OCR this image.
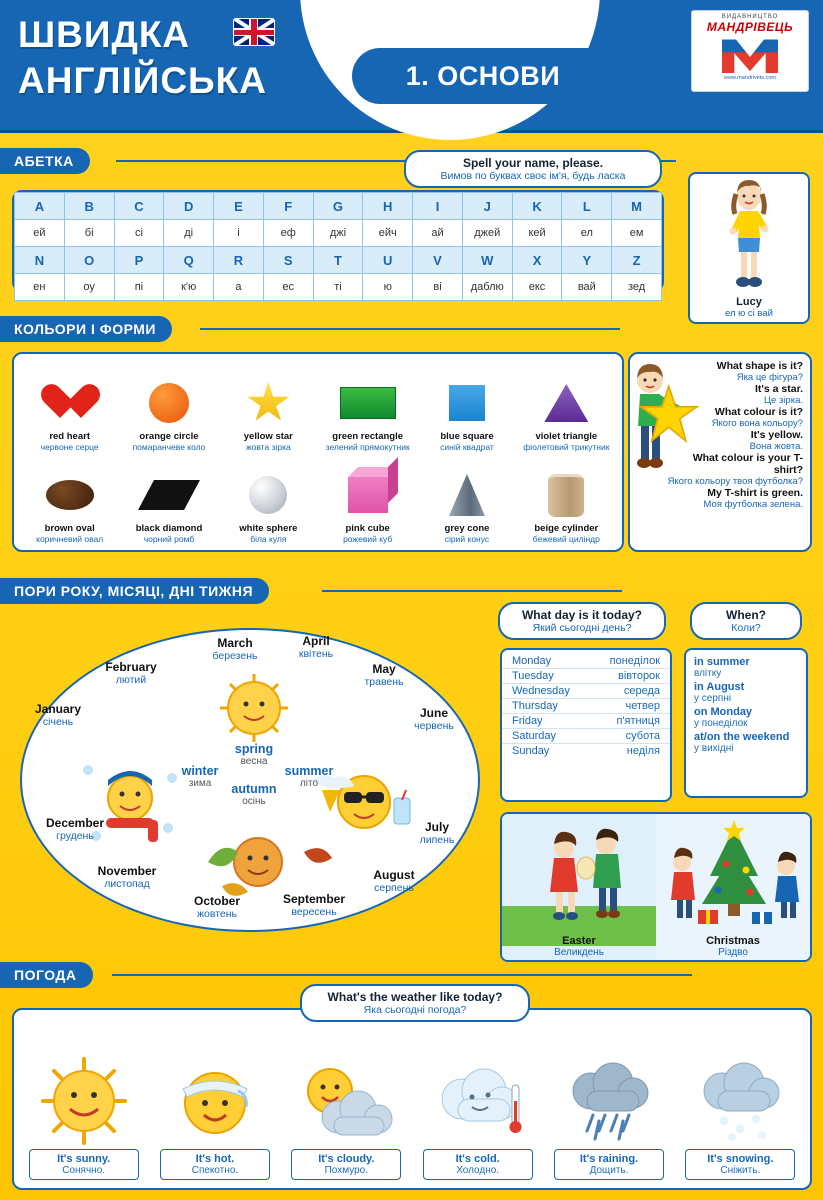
ШВИДКА
АНГЛІЙСЬКА	1. ОСНОВИ
ВИДАВНИЦТВО
МАНДРІВЕЦЬ
www.mandrivets.com
АБЕТКА	Spell your name, please.
Вимов по буквах своє ім'я, будь ласка
A	B	C	D	E	F	G	H	I	J	K	L	M
ей	бі	сі	ді	і	еф	джі	ейч	ай	джей	кей	ел	ем
N	O	P	Q	R	S	T	U	V	W	X	Y	Z
ен	оу	пі	к'ю	а	ес	ті	ю	ві	даблю	екс	вай	зед
Lucy
ел ю сі вай
КОЛЬОРИ І ФОРМИ
red heart
червоне серце
orange circle
помаранчеве коло
yellow star
жовта зірка
green rectangle
зелений прямокутник
blue square
синій квадрат
violet triangle
фіолетовий трикутник
brown oval
коричневий овал
black diamond
чорний ромб
white sphere
біла куля
pink cube
рожевий куб
grey cone
сірий конус
beige cylinder
бежевий циліндр
What shape is it?
Яка це фігура?
It's a star.
Це зірка.
What colour is it?
Якого вона кольору?
It's yellow.
Вона жовта.
What colour is your T-shirt?
Якого кольору твоя футболка?
My T-shirt is green.
Моя футболка зелена.
ПОРИ РОКУ, МІСЯЦІ, ДНІ ТИЖНЯ
January
січень
February
лютий
March
березень
April
квітень
May
травень
June
червень
July
липень
August
серпень
September
вересень
October
жовтень
November
листопад
December
грудень
spring
весна
summer
літо
autumn
осінь
winter
зима
What day is it today?
Який сьогодні день?
Monday	понеділок
Tuesday	вівторок
Wednesday	середа
Thursday	четвер
Friday	п'ятниця
Saturday	субота
Sunday	неділя
When?
Коли?
in summer
влітку
in August
у серпні
on Monday
у понеділок
at/on the weekend
у вихідні
Easter
Великдень
Christmas
Різдво
ПОГОДА
What's the weather like today?
Яка сьогодні погода?
It's sunny.
Сонячно.
It's hot.
Спекотно.
It's cloudy.
Похмуро.
It's cold.
Холодно.
It's raining.
Дощить.
It's snowing.
Сніжить.
